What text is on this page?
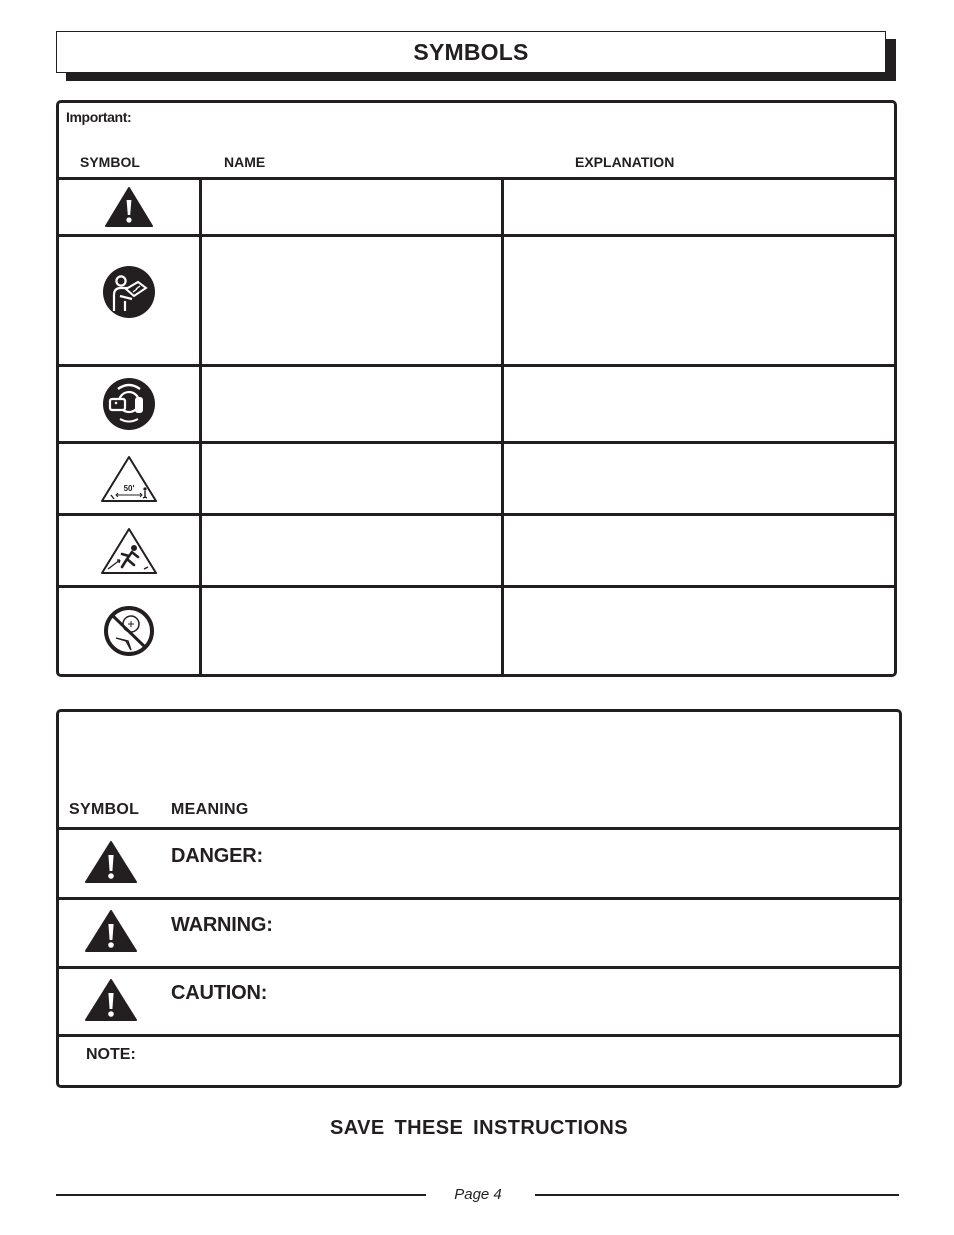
SYMBOLS
Important:
SYMBOL	NAME	EXPLANATION
50'
SYMBOL MEANING
DANGER:
WARNING:
CAUTION:
NOTE:
SAVE THESE INSTRUCTIONS
Page 4
